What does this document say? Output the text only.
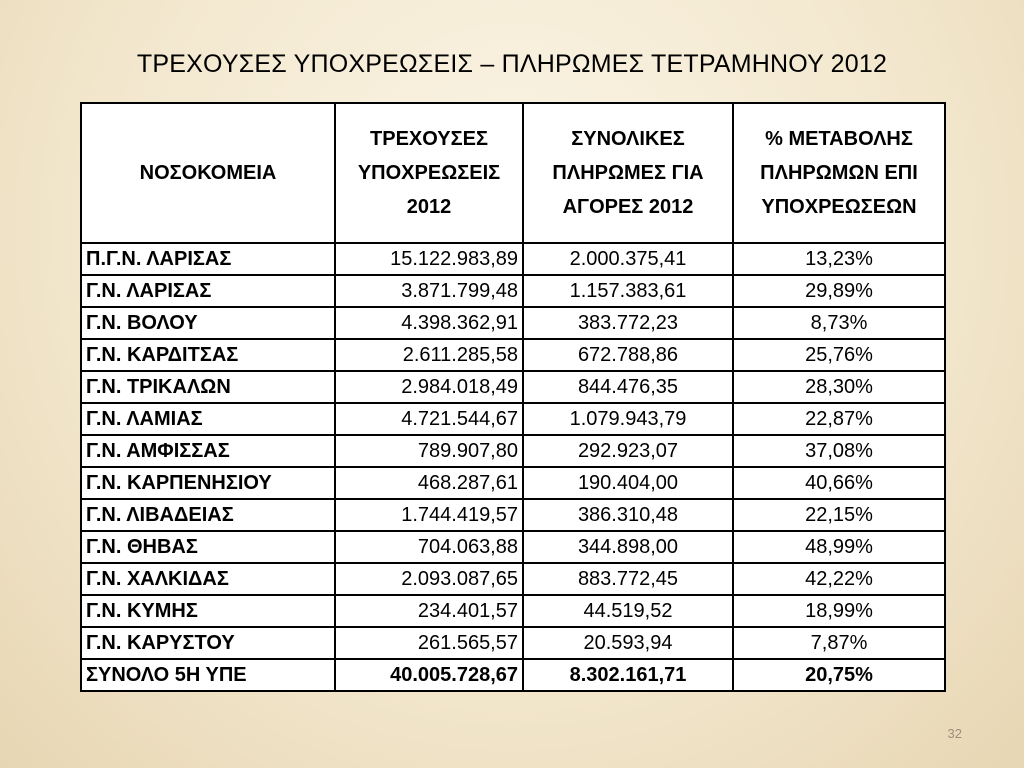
ΤΡΕΧΟΥΣΕΣ ΥΠΟΧΡΕΩΣΕΙΣ – ΠΛΗΡΩΜΕΣ ΤΕΤΡΑΜΗΝΟΥ 2012
ΝΟΣΟΚΟΜΕΙΑ	ΤΡΕΧΟΥΣΕΣ ΥΠΟΧΡΕΩΣΕΙΣ 2012	ΣΥΝΟΛΙΚΕΣ ΠΛΗΡΩΜΕΣ ΓΙΑ ΑΓΟΡΕΣ 2012	% ΜΕΤΑΒΟΛΗΣ ΠΛΗΡΩΜΩΝ ΕΠΙ ΥΠΟΧΡΕΩΣΕΩΝ
Π.Γ.Ν. ΛΑΡΙΣΑΣ	15.122.983,89	2.000.375,41	13,23%
Γ.Ν. ΛΑΡΙΣΑΣ	3.871.799,48	1.157.383,61	29,89%
Γ.Ν. ΒΟΛΟΥ	4.398.362,91	383.772,23	8,73%
Γ.Ν. ΚΑΡΔΙΤΣΑΣ	2.611.285,58	672.788,86	25,76%
Γ.Ν. ΤΡΙΚΑΛΩΝ	2.984.018,49	844.476,35	28,30%
Γ.Ν. ΛΑΜΙΑΣ	4.721.544,67	1.079.943,79	22,87%
Γ.Ν. ΑΜΦΙΣΣΑΣ	789.907,80	292.923,07	37,08%
Γ.Ν. ΚΑΡΠΕΝΗΣΙΟΥ	468.287,61	190.404,00	40,66%
Γ.Ν. ΛΙΒΑΔΕΙΑΣ	1.744.419,57	386.310,48	22,15%
Γ.Ν. ΘΗΒΑΣ	704.063,88	344.898,00	48,99%
Γ.Ν. ΧΑΛΚΙΔΑΣ	2.093.087,65	883.772,45	42,22%
Γ.Ν. ΚΥΜΗΣ	234.401,57	44.519,52	18,99%
Γ.Ν. ΚΑΡΥΣΤΟΥ	261.565,57	20.593,94	7,87%
ΣΥΝΟΛΟ 5Η ΥΠΕ	40.005.728,67	8.302.161,71	20,75%
32
